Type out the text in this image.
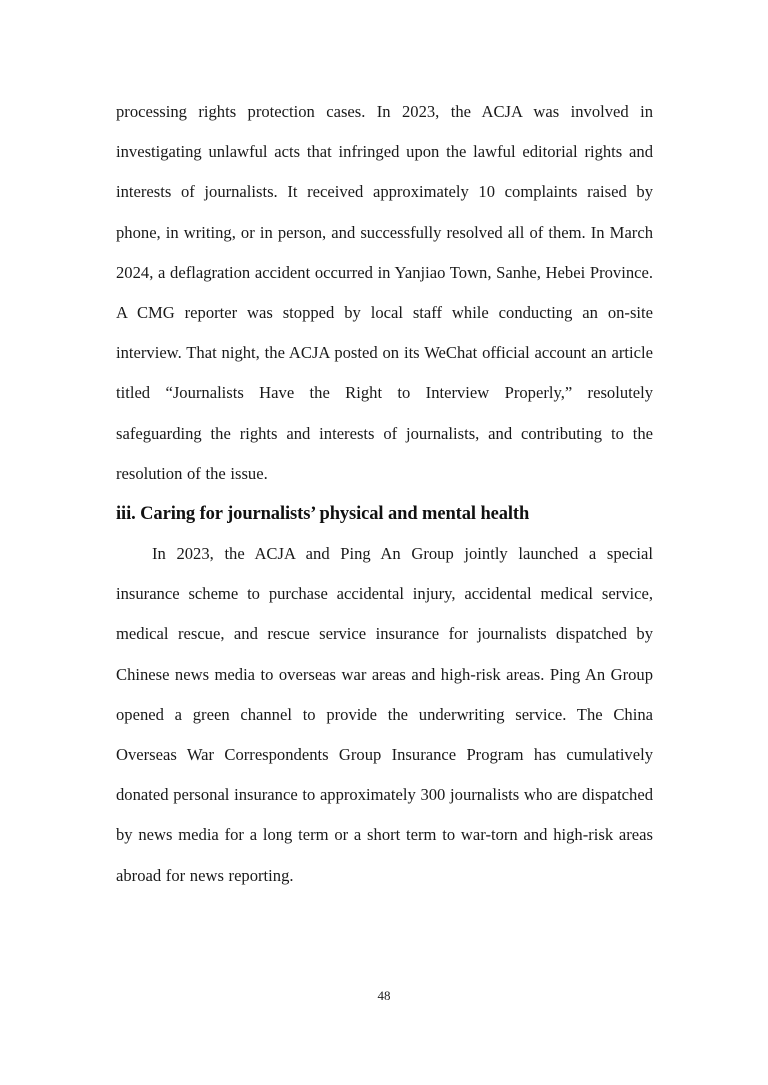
processing rights protection cases. In 2023, the ACJA was involved in investigating unlawful acts that infringed upon the lawful editorial rights and interests of journalists. It received approximately 10 complaints raised by phone, in writing, or in person, and successfully resolved all of them. In March 2024, a deflagration accident occurred in Yanjiao Town, Sanhe, Hebei Province. A CMG reporter was stopped by local staff while conducting an on-site interview. That night, the ACJA posted on its WeChat official account an article titled “Journalists Have the Right to Interview Properly,” resolutely safeguarding the rights and interests of journalists, and contributing to the resolution of the issue.

iii. Caring for journalists’ physical and mental health

In 2023, the ACJA and Ping An Group jointly launched a special insurance scheme to purchase accidental injury, accidental medical service, medical rescue, and rescue service insurance for journalists dispatched by Chinese news media to overseas war areas and high-risk areas. Ping An Group opened a green channel to provide the underwriting service. The China Overseas War Correspondents Group Insurance Program has cumulatively donated personal insurance to approximately 300 journalists who are dispatched by news media for a long term or a short term to war-torn and high-risk areas abroad for news reporting.

48
